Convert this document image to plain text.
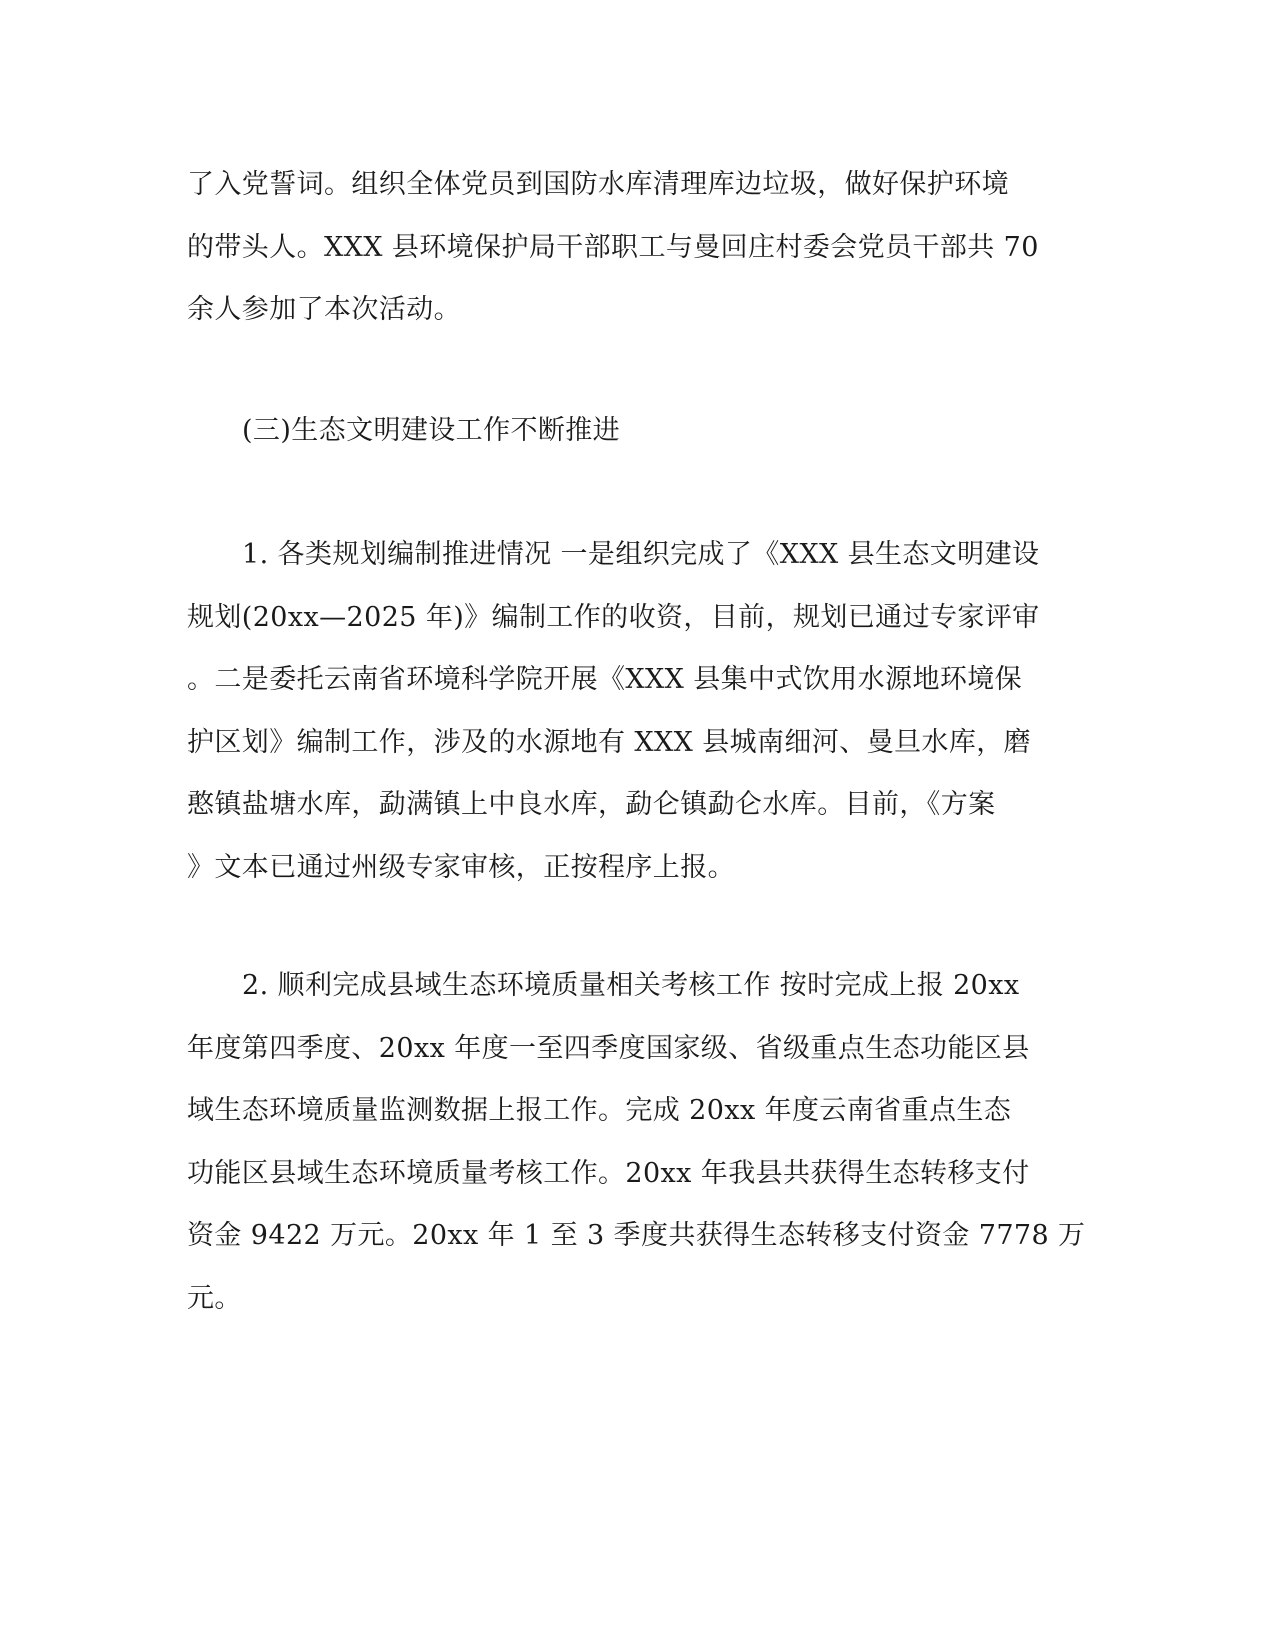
了入党誓词。组织全体党员到国防水库清理库边垃圾，做好保护环境
的带头人。XXX 县环境保护局干部职工与曼回庄村委会党员干部共 70
余人参加了本次活动。
(三)生态文明建设工作不断推进
1. 各类规划编制推进情况 一是组织完成了《XXX 县生态文明建设
规划(20xx—2025 年)》编制工作的收资，目前，规划已通过专家评审
。二是委托云南省环境科学院开展《XXX 县集中式饮用水源地环境保
护区划》编制工作，涉及的水源地有 XXX 县城南细河、曼旦水库，磨
憨镇盐塘水库，勐满镇上中良水库，勐仑镇勐仑水库。目前，《方案
》文本已通过州级专家审核，正按程序上报。
2. 顺利完成县域生态环境质量相关考核工作 按时完成上报 20xx
年度第四季度、20xx 年度一至四季度国家级、省级重点生态功能区县
域生态环境质量监测数据上报工作。完成 20xx 年度云南省重点生态
功能区县域生态环境质量考核工作。20xx 年我县共获得生态转移支付
资金 9422 万元。20xx 年 1 至 3 季度共获得生态转移支付资金 7778 万
元。
